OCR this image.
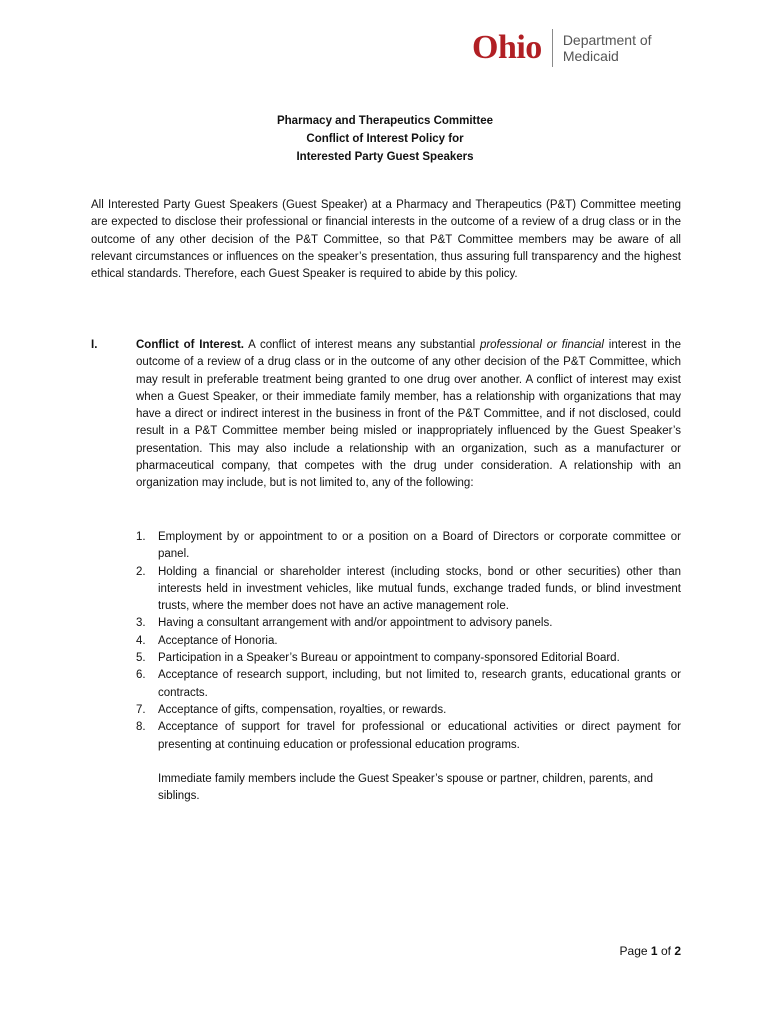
Ohio Department of
Medicaid
Pharmacy and Therapeutics Committee
Conflict of Interest Policy for
Interested Party Guest Speakers

All Interested Party Guest Speakers (Guest Speaker) at a Pharmacy and Therapeutics (P&T) Committee meeting are expected to disclose their professional or financial interests in the outcome of a review of a drug class or in the outcome of any other decision of the P&T Committee, so that P&T Committee members may be aware of all relevant circumstances or influences on the speaker’s presentation, thus assuring full transparency and the highest ethical standards. Therefore, each Guest Speaker is required to abide by this policy.

I.	Conflict of Interest. A conflict of interest means any substantial professional or financial interest in the outcome of a review of a drug class or in the outcome of any other decision of the P&T Committee, which may result in preferable treatment being granted to one drug over another. A conflict of interest may exist when a Guest Speaker, or their immediate family member, has a relationship with organizations that may have a direct or indirect interest in the business in front of the P&T Committee, and if not disclosed, could result in a P&T Committee member being misled or inappropriately influenced by the Guest Speaker’s presentation. This may also include a relationship with an organization, such as a manufacturer or pharmaceutical company, that competes with the drug under consideration. A relationship with an organization may include, but is not limited to, any of the following:

1. Employment by or appointment to or a position on a Board of Directors or corporate committee or panel.
2. Holding a financial or shareholder interest (including stocks, bond or other securities) other than interests held in investment vehicles, like mutual funds, exchange traded funds, or blind investment trusts, where the member does not have an active management role.
3. Having a consultant arrangement with and/or appointment to advisory panels.
4. Acceptance of Honoria.
5. Participation in a Speaker’s Bureau or appointment to company-sponsored Editorial Board.
6. Acceptance of research support, including, but not limited to, research grants, educational grants or contracts.
7. Acceptance of gifts, compensation, royalties, or rewards.
8. Acceptance of support for travel for professional or educational activities or direct payment for presenting at continuing education or professional education programs.

Immediate family members include the Guest Speaker’s spouse or partner, children, parents, and siblings.

Page 1 of 2
